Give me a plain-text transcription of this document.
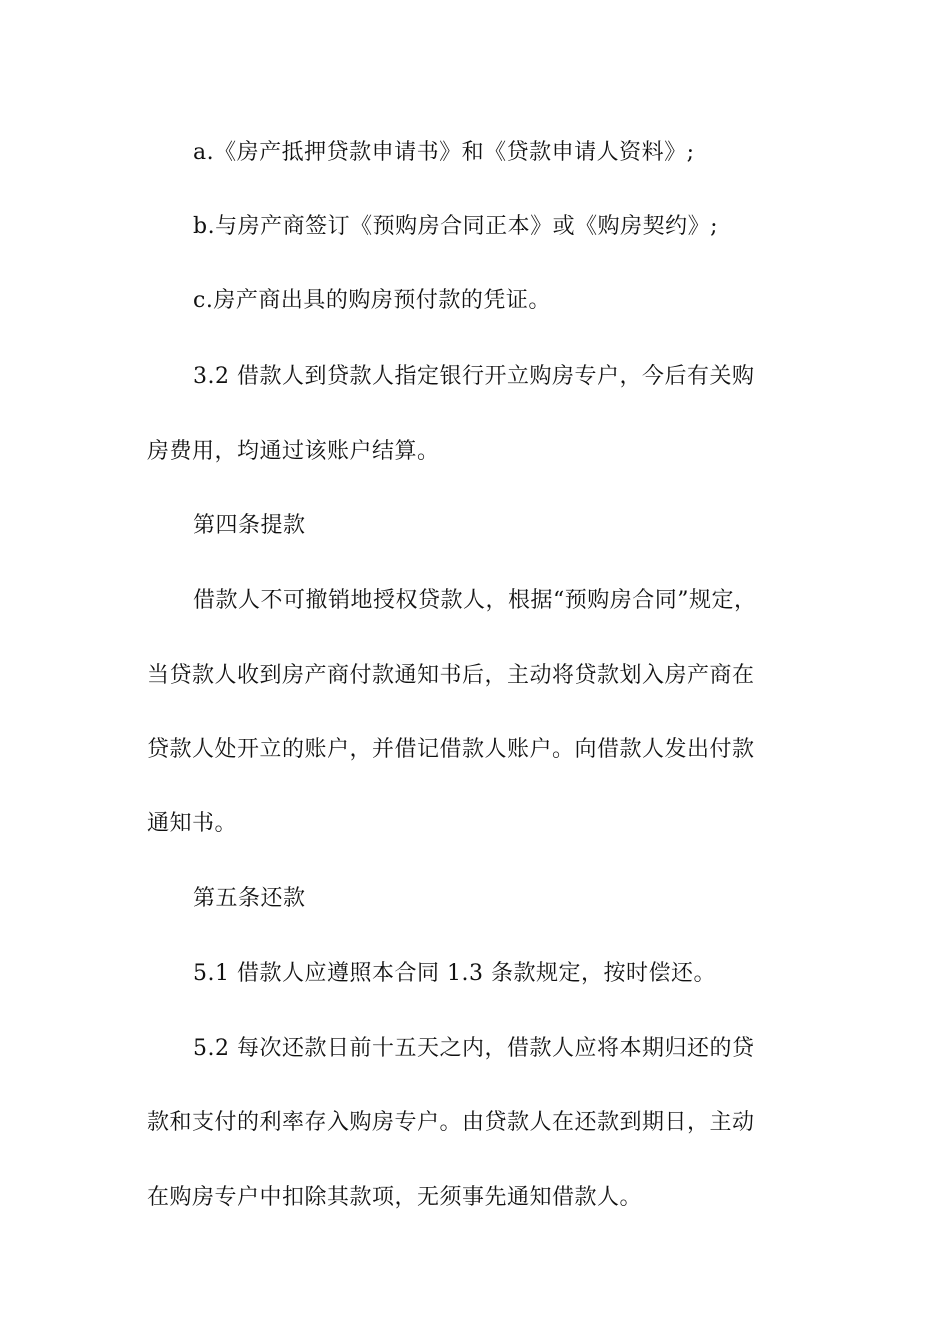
a.《房产抵押贷款申请书》和《贷款申请人资料》;
b.与房产商签订《预购房合同正本》或《购房契约》;
c.房产商出具的购房预付款的凭证。
3.2 借款人到贷款人指定银行开立购房专户，今后有关购
房费用，均通过该账户结算。
第四条提款
借款人不可撤销地授权贷款人，根据“预购房合同”规定，
当贷款人收到房产商付款通知书后，主动将贷款划入房产商在
贷款人处开立的账户，并借记借款人账户。向借款人发出付款
通知书。
第五条还款
5.1 借款人应遵照本合同 1.3 条款规定，按时偿还。
5.2 每次还款日前十五天之内，借款人应将本期归还的贷
款和支付的利率存入购房专户。由贷款人在还款到期日，主动
在购房专户中扣除其款项，无须事先通知借款人。
